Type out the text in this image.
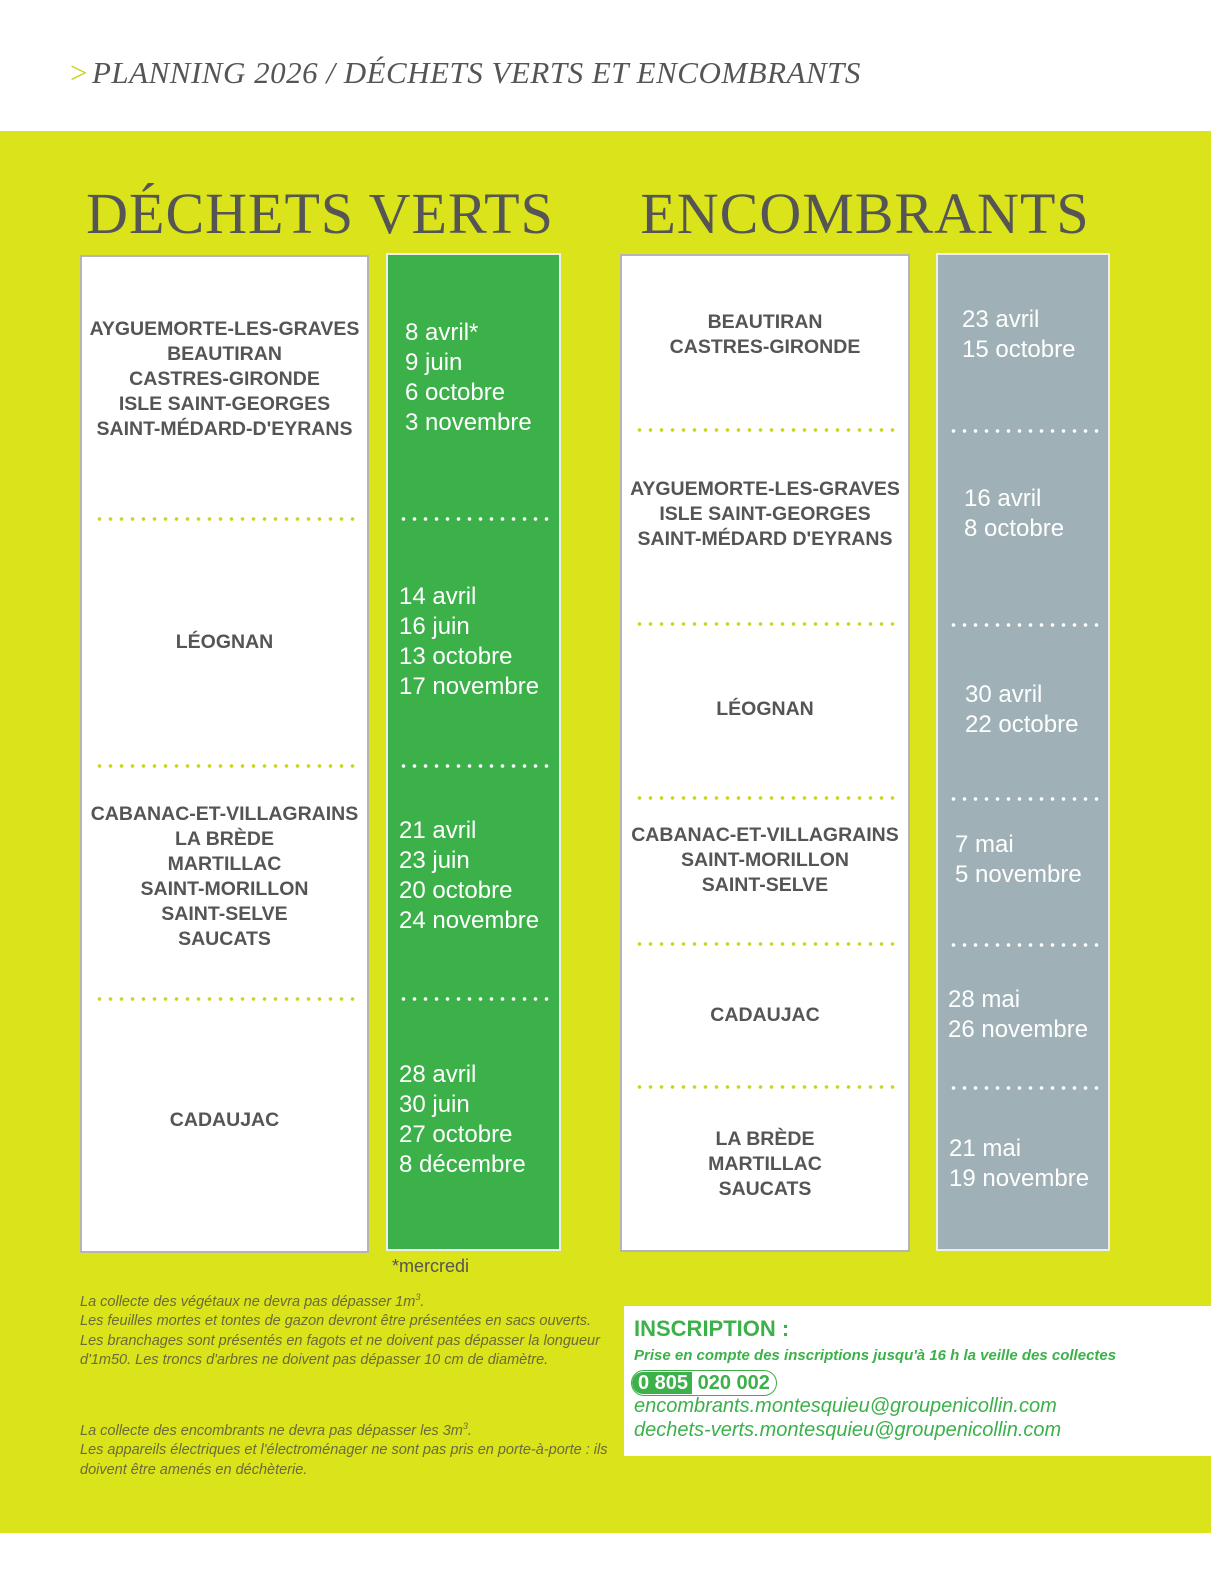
> PLANNING 2026 / DÉCHETS VERTS ET ENCOMBRANTS
DÉCHETS VERTS	ENCOMBRANTS
AYGUEMORTE-LES-GRAVES
BEAUTIRAN
CASTRES-GIRONDE
ISLE SAINT-GEORGES
SAINT-MÉDARD-D'EYRANS
LÉOGNAN
CABANAC-ET-VILLAGRAINS
LA BRÈDE
MARTILLAC
SAINT-MORILLON
SAINT-SELVE
SAUCATS
CADAUJAC
8 avril*
9 juin
6 octobre
3 novembre
14 avril
16 juin
13 octobre
17 novembre
21 avril
23 juin
20 octobre
24 novembre
28 avril
30 juin
27 octobre
8 décembre
BEAUTIRAN
CASTRES-GIRONDE
AYGUEMORTE-LES-GRAVES
ISLE SAINT-GEORGES
SAINT-MÉDARD D'EYRANS
LÉOGNAN
CABANAC-ET-VILLAGRAINS
SAINT-MORILLON
SAINT-SELVE
CADAUJAC
LA BRÈDE
MARTILLAC
SAUCATS
23 avril
15 octobre
16 avril
8 octobre
30 avril
22 octobre
7 mai
5 novembre
28 mai
26 novembre
21 mai
19 novembre
*mercredi

La collecte des végétaux ne devra pas dépasser $1m^3$.

Les feuilles mortes et tontes de gazon devront être présentées en sacs ouverts.

Les branchages sont présentés en fagots et ne doivent pas dépasser la longueur d'1m50. Les troncs d'arbres ne doivent pas dépasser 10 cm de diamètre.

La collecte des encombrants ne devra pas dépasser les $3m^3$.

Les appareils électriques et l'électroménager ne sont pas pris en porte-à-porte : ils doivent être amenés en déchèterie.

INSCRIPTION :
Prise en compte des inscriptions jusqu'à 16 h la veille des collectes
0 805 020 002
encombrants.montesquieu@groupenicollin.com
dechets-verts.montesquieu@groupenicollin.com
